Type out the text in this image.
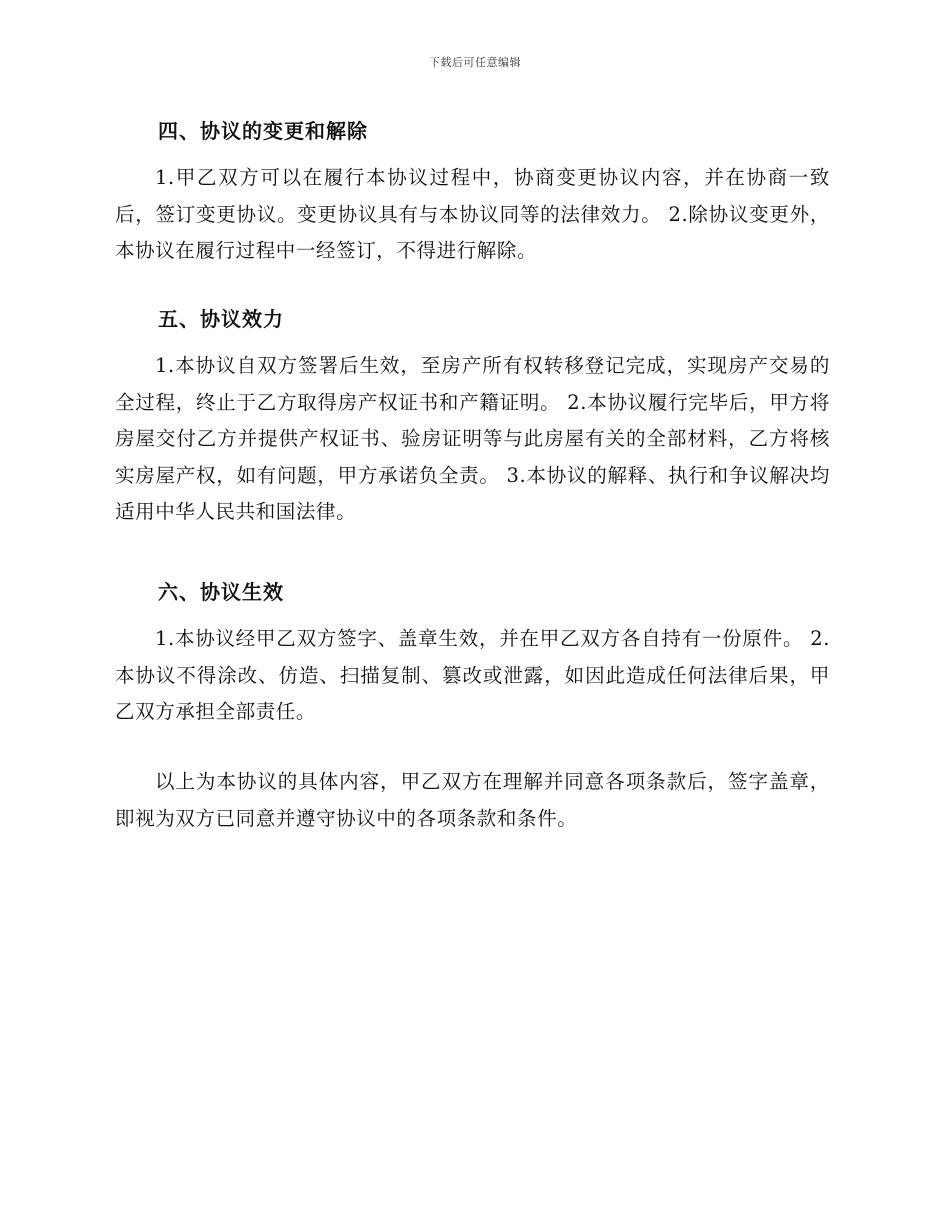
下载后可任意编辑
四、协议的变更和解除
1.甲乙双方可以在履行本协议过程中，协商变更协议内容，并在协商一致后，签订变更协议。变更协议具有与本协议同等的法律效力。 2.除协议变更外，本协议在履行过程中一经签订，不得进行解除。
五、协议效力
1.本协议自双方签署后生效，至房产所有权转移登记完成，实现房产交易的全过程，终止于乙方取得房产权证书和产籍证明。 2.本协议履行完毕后，甲方将房屋交付乙方并提供产权证书、验房证明等与此房屋有关的全部材料，乙方将核实房屋产权，如有问题，甲方承诺负全责。 3.本协议的解释、执行和争议解决均适用中华人民共和国法律。
六、协议生效
1.本协议经甲乙双方签字、盖章生效，并在甲乙双方各自持有一份原件。 2.本协议不得涂改、仿造、扫描复制、篡改或泄露，如因此造成任何法律后果，甲乙双方承担全部责任。
以上为本协议的具体内容，甲乙双方在理解并同意各项条款后，签字盖章，即视为双方已同意并遵守协议中的各项条款和条件。
